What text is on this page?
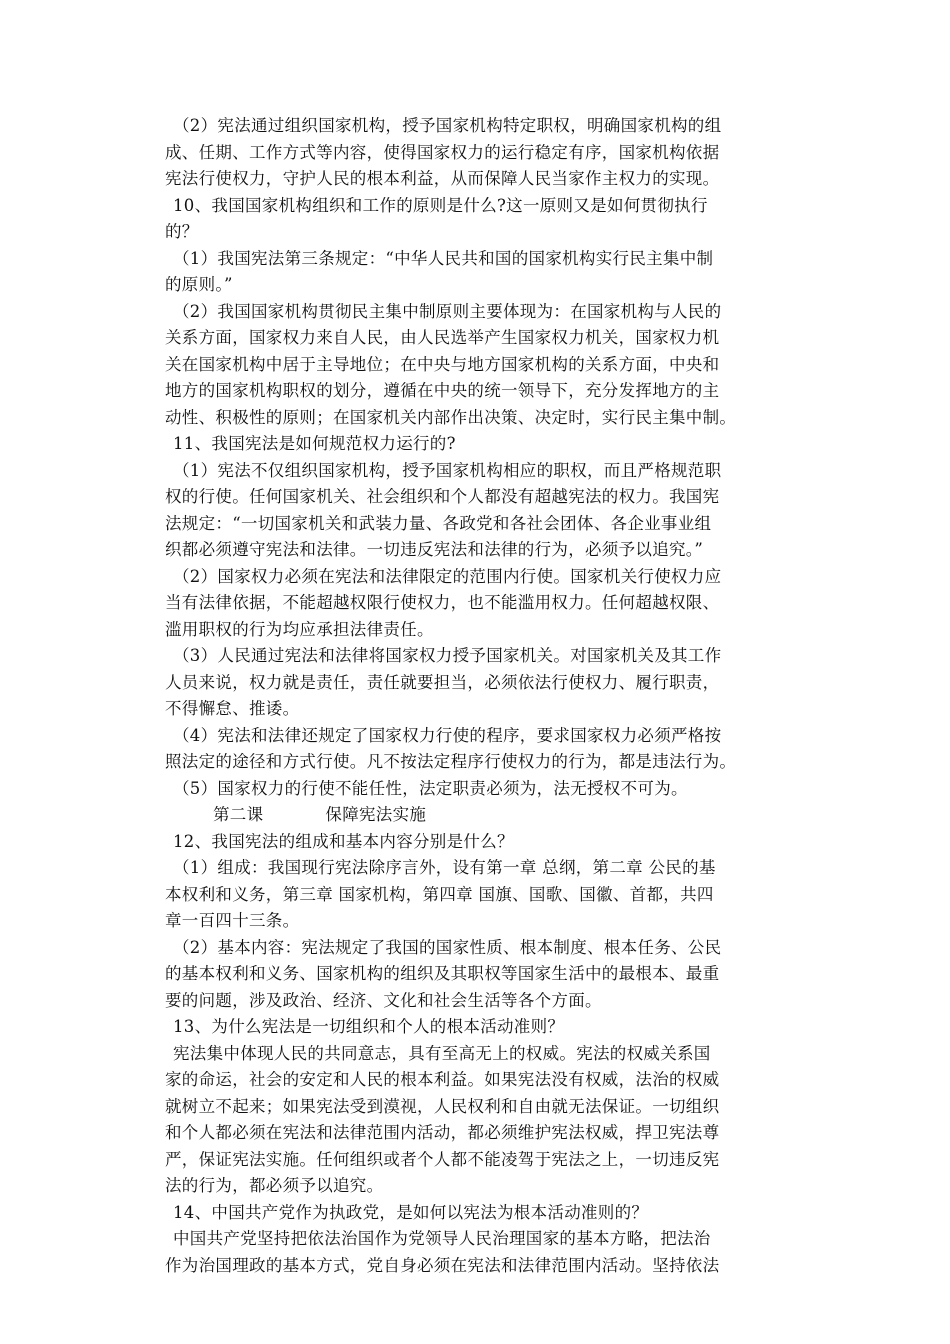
（2）宪法通过组织国家机构，授予国家机构特定职权，明确国家机构的组
成、任期、工作方式等内容，使得国家权力的运行稳定有序，国家机构依据
宪法行使权力，守护人民的根本利益，从而保障人民当家作主权力的实现。
10、我国国家机构组织和工作的原则是什么?这一原则又是如何贯彻执行
的？
（1）我国宪法第三条规定：“中华人民共和国的国家机构实行民主集中制
的原则。”
（2）我国国家机构贯彻民主集中制原则主要体现为：在国家机构与人民的
关系方面，国家权力来自人民，由人民选举产生国家权力机关，国家权力机
关在国家机构中居于主导地位；在中央与地方国家机构的关系方面，中央和
地方的国家机构职权的划分，遵循在中央的统一领导下，充分发挥地方的主
动性、积极性的原则；在国家机关内部作出决策、决定时，实行民主集中制。
11、我国宪法是如何规范权力运行的?
（1）宪法不仅组织国家机构，授予国家机构相应的职权，而且严格规范职
权的行使。任何国家机关、社会组织和个人都没有超越宪法的权力。我国宪
法规定：“一切国家机关和武装力量、各政党和各社会团体、各企业事业组
织都必须遵守宪法和法律。一切违反宪法和法律的行为，必须予以追究。”
（2）国家权力必须在宪法和法律限定的范围内行使。国家机关行使权力应
当有法律依据，不能超越权限行使权力，也不能滥用权力。任何超越权限、
滥用职权的行为均应承担法律责任。
（3）人民通过宪法和法律将国家权力授予国家机关。对国家机关及其工作
人员来说，权力就是责任，责任就要担当，必须依法行使权力、履行职责，
不得懈怠、推诿。
（4）宪法和法律还规定了国家权力行使的程序，要求国家权力必须严格按
照法定的途径和方式行使。凡不按法定程序行使权力的行为，都是违法行为。
（5）国家权力的行使不能任性，法定职责必须为，法无授权不可为。
第二课	保障宪法实施
12、我国宪法的组成和基本内容分别是什么？
（1）组成：我国现行宪法除序言外，设有第一章 总纲，第二章 公民的基
本权利和义务，第三章 国家机构，第四章 国旗、国歌、国徽、首都，共四
章一百四十三条。
（2）基本内容：宪法规定了我国的国家性质、根本制度、根本任务、公民
的基本权利和义务、国家机构的组织及其职权等国家生活中的最根本、最重
要的问题，涉及政治、经济、文化和社会生活等各个方面。
13、为什么宪法是一切组织和个人的根本活动准则？
宪法集中体现人民的共同意志，具有至高无上的权威。宪法的权威关系国
家的命运，社会的安定和人民的根本利益。如果宪法没有权威，法治的权威
就树立不起来；如果宪法受到漠视，人民权利和自由就无法保证。一切组织
和个人都必须在宪法和法律范围内活动，都必须维护宪法权威，捍卫宪法尊
严，保证宪法实施。任何组织或者个人都不能凌驾于宪法之上，一切违反宪
法的行为，都必须予以追究。
14、中国共产党作为执政党，是如何以宪法为根本活动准则的？
中国共产党坚持把依法治国作为党领导人民治理国家的基本方略，把法治
作为治国理政的基本方式，党自身必须在宪法和法律范围内活动。坚持依法
